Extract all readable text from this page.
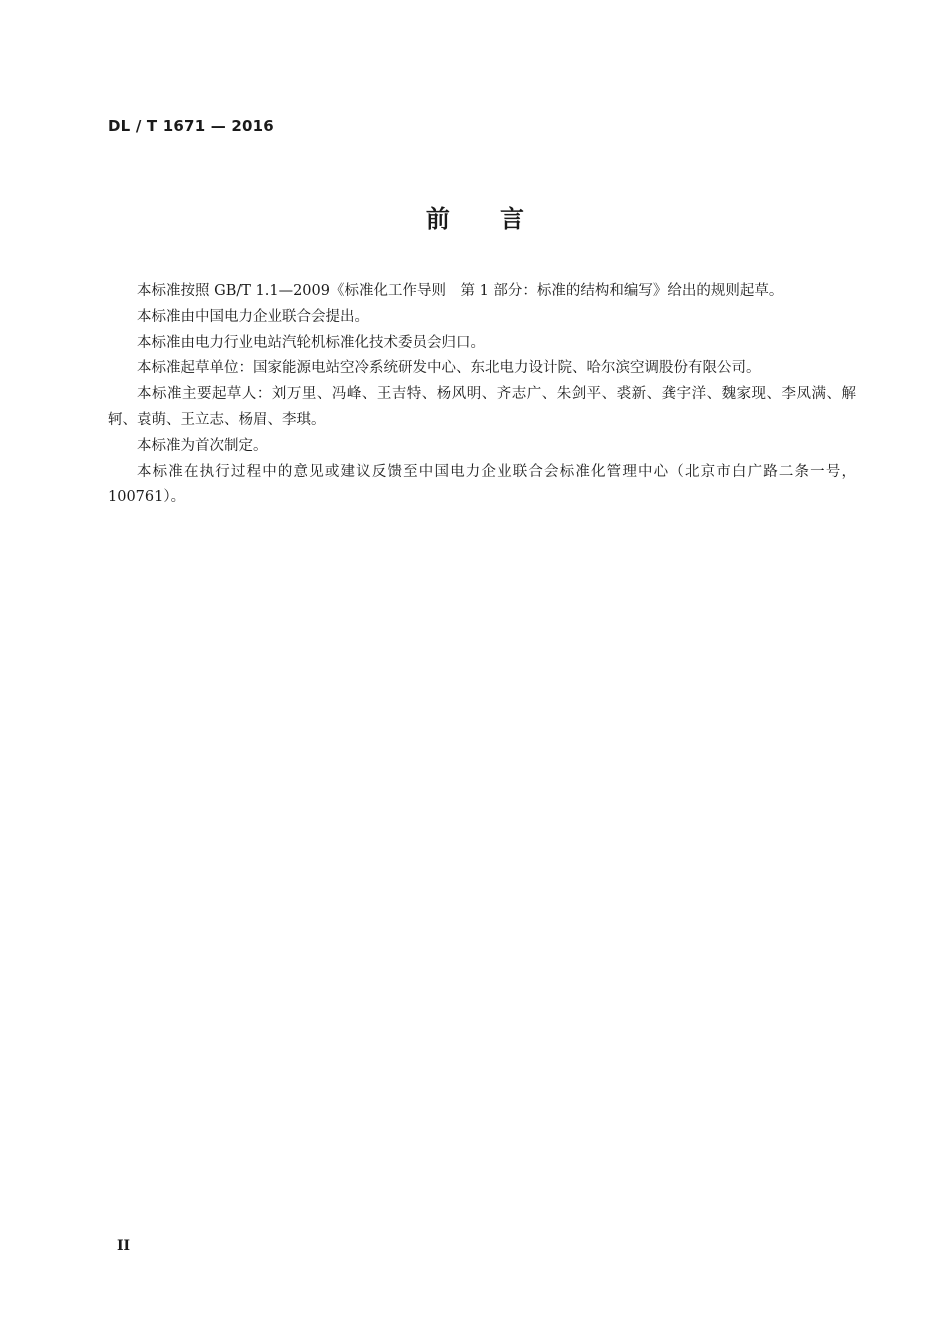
DL / T 1671 — 2016
前      言

本标准按照 GB/T 1.1—2009《标准化工作导则　第 1 部分：标准的结构和编写》给出的规则起草。

本标准由中国电力企业联合会提出。

本标准由电力行业电站汽轮机标准化技术委员会归口。

本标准起草单位：国家能源电站空冷系统研发中心、东北电力设计院、哈尔滨空调股份有限公司。

本标准主要起草人：刘万里、冯峰、王吉特、杨风明、齐志广、朱剑平、裘新、龚宇洋、魏家现、李凤满、解轲、袁萌、王立志、杨眉、李琪。

本标准为首次制定。

本标准在执行过程中的意见或建议反馈至中国电力企业联合会标准化管理中心（北京市白广路二条一号，100761）。

II
